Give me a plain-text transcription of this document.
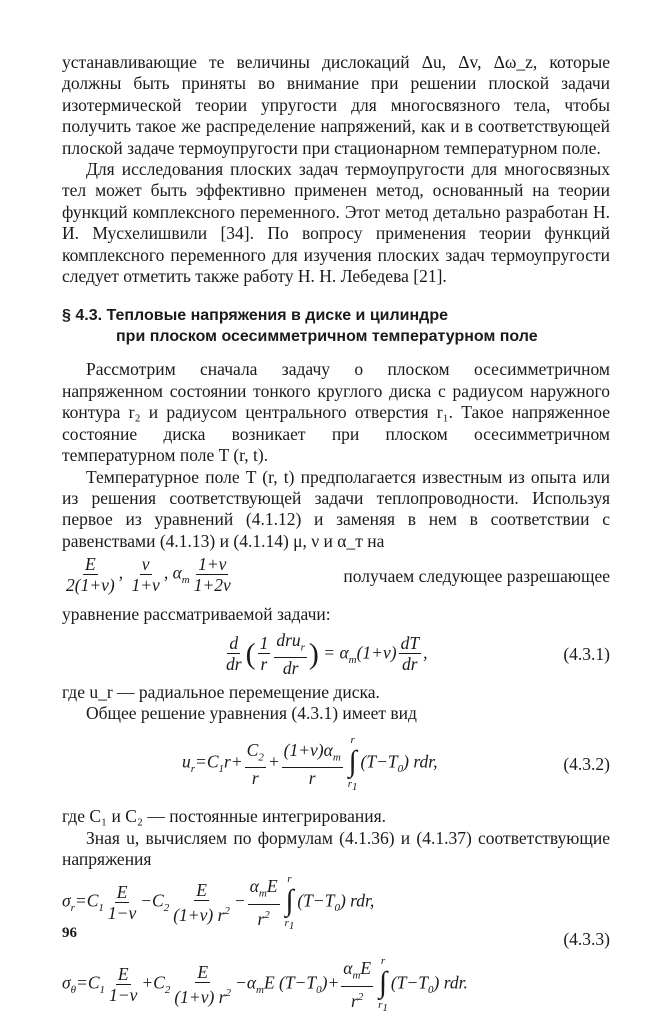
устанавливающие те величины дислокаций Δu, Δv, Δω_z, которые должны быть приняты во внимание при решении плоской задачи изотермической теории упругости для многосвязного тела, чтобы получить такое же распределение напряжений, как и в соответствующей плоской задаче термоупругости при стационарном температурном поле.

Для исследования плоских задач термоупругости для многосвязных тел может быть эффективно применен метод, основанный на теории функций комплексного переменного. Этот метод детально разработан Н. И. Мусхелишвили [34]. По вопросу применения теории функций комплексного переменного для изучения плоских задач термоупругости следует отметить также работу Н. Н. Лебедева [21].

§ 4.3. Тепловые напряжения в диске и цилиндре
при плоском осесимметричном температурном поле

Рассмотрим сначала задачу о плоском осесимметричном напряженном состоянии тонкого круглого диска с радиусом наружного контура r₂ и радиусом центрального отверстия r₁. Такое напряженное состояние диска возникает при плоском осесимметричном температурном поле T (r, t).

Температурное поле T (r, t) предполагается известным из опыта или из решения соответствующей задачи теплопроводности. Используя первое из уравнений (4.1.12) и заменяя в нем в соответствии с равенствами (4.1.13) и (4.1.14) μ, ν и α_т на

$\frac{E}{2(1+\nu)}$ , $\frac{\nu}{1+\nu}$ , $\alpha_т \frac{1+\nu}{1+2\nu}$	получаем следующее разрешающее

уравнение рассматриваемой задачи:

$\frac{d}{dr}$ ( $\frac{1}{r} \frac{dru_r}{dr}$ ) = $\alpha_т(1+\nu) \frac{dT}{dr}$ ,	(4.3.1)

где u_r — радиальное перемещение диска.

Общее решение уравнения (4.3.1) имеет вид

$u_r=C_1r+ \frac{C_2}{r} + \frac{(1+\nu)\alpha_т}{r}$ r
∫
$r_1$
$(T-T_0)$ rdr,	(4.3.2)

где C₁ и C₂ — постоянные интегрирования.

Зная u, вычисляем по формулам (4.1.36) и (4.1.37) соответствующие напряжения

$\sigma_r=C_1 \frac{E}{1-\nu} -C_2 \frac{E}{(1+\nu) r^2} - \frac{\alpha_тE}{r^2}$ r
∫
$r_1$
$(T-T_0)$ rdr,
(4.3.3)
$\sigma_\theta=C_1 \frac{E}{1-\nu} +C_2 \frac{E}{(1+\nu) r^2} -\alpha_тE$ $(T-T_0)+ \frac{\alpha_тE}{r^2}$ r
∫
$r_1$
$(T-T_0)$ rdr.
96
